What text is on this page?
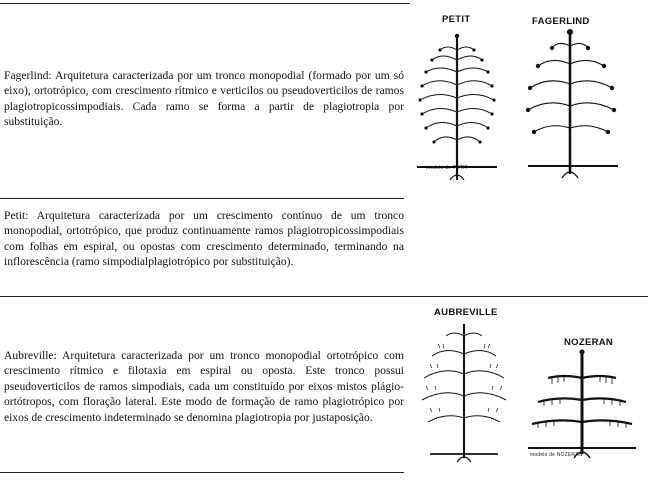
Fagerlind: Arquitetura caracterizada por um tronco monopodial (formado por um só eixo), ortotrópico, com crescimento rítmico e verticilos ou pseudoverticilos de ramos plagiotropicossimpodiais. Cada ramo se forma a partir de plagiotropia por substituição.
Petit: Arquitetura caracterizada por um crescimento contínuo de um tronco monopodial, ortotrópico, que produz continuamente ramos plagiotropicossimpodiais com folhas em espiral, ou opostas com crescimento determinado, terminando na inflorescência (ramo simpodialplagiotrópico por substituição).
Aubreville: Arquitetura caracterizada por um tronco monopodial ortotrópico com crescimento rítmico e filotaxia em espiral ou oposta. Este tronco possui pseudoverticilos de ramos simpodiais, cada um constituído por eixos mistos plágio-ortótropos, com floração lateral. Este modo de formação de ramo plagiotrópico por eixos de crescimento indeterminado se denomina plagiotropia por justaposição.
PETIT	FAGERLIND
modelo de PETIT
AUBREVILLE
NOZERAN
modelo de NOZERAN
